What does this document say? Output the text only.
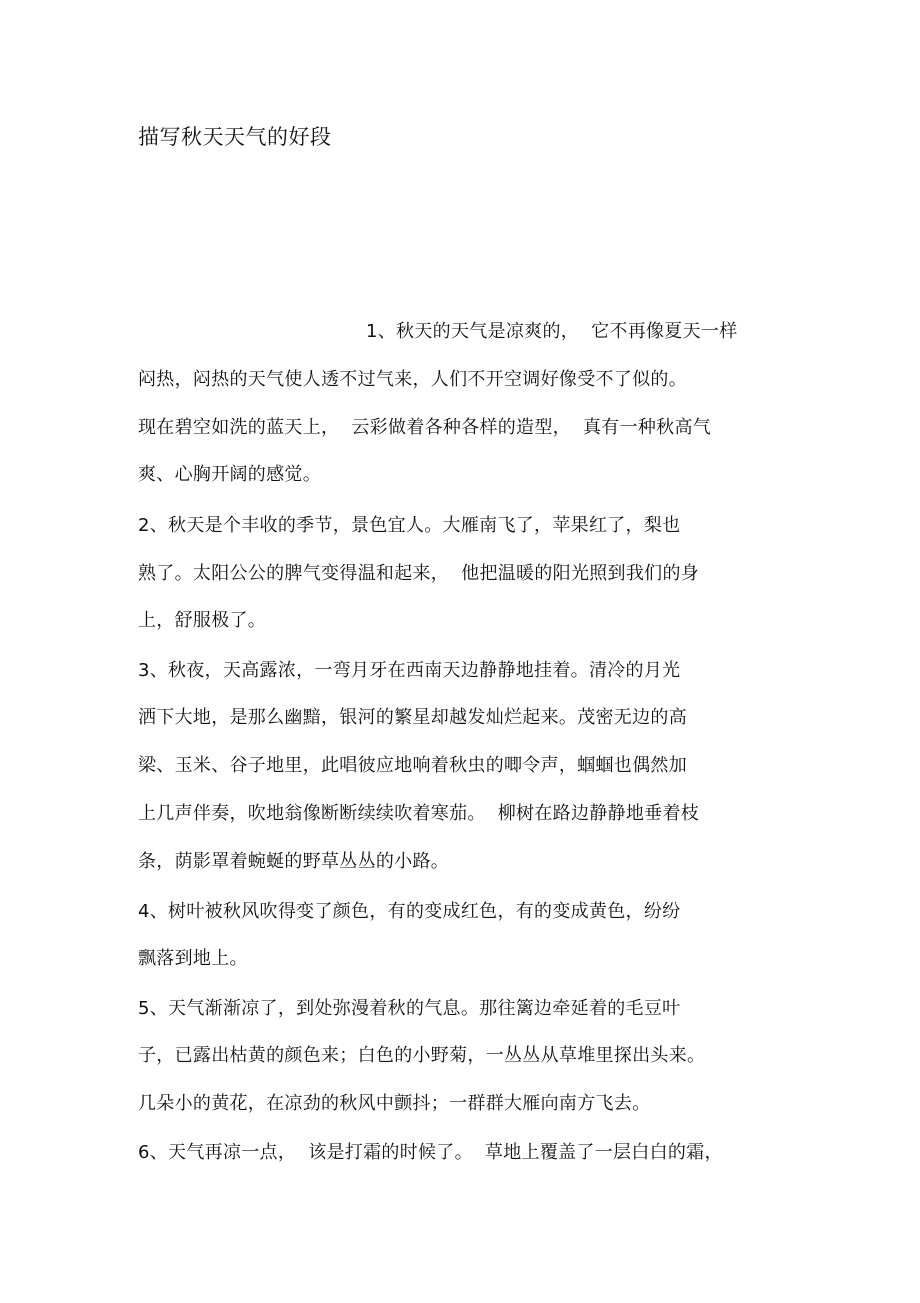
描写秋天天气的好段
1、秋天的天气是凉爽的，  它不再像夏天一样
闷热，闷热的天气使人透不过气来，人们不开空调好像受不了似的。
现在碧空如洗的蓝天上，  云彩做着各种各样的造型，  真有一种秋高气
爽、心胸开阔的感觉。
2、秋天是个丰收的季节，景色宜人。大雁南飞了，苹果红了，梨也
熟了。太阳公公的脾气变得温和起来，  他把温暖的阳光照到我们的身
上，舒服极了。
3、秋夜，天高露浓，一弯月牙在西南天边静静地挂着。清冷的月光
洒下大地，是那么幽黯，银河的繁星却越发灿烂起来。茂密无边的高
梁、玉米、谷子地里，此唱彼应地响着秋虫的唧令声，蝈蝈也偶然加
上几声伴奏，吹地翁像断断续续吹着寒茄。  柳树在路边静静地垂着枝
条，荫影罩着蜿蜒的野草丛丛的小路。
4、树叶被秋风吹得变了颜色，有的变成红色，有的变成黄色，纷纷
飘落到地上。
5、天气渐渐凉了，到处弥漫着秋的气息。那往篱边牵延着的毛豆叶
子，已露出枯黄的颜色来；白色的小野菊，一丛丛从草堆里探出头来。
几朵小的黄花，在凉劲的秋风中颤抖；一群群大雁向南方飞去。
6、天气再凉一点，  该是打霜的时候了。  草地上覆盖了一层白白的霜，
